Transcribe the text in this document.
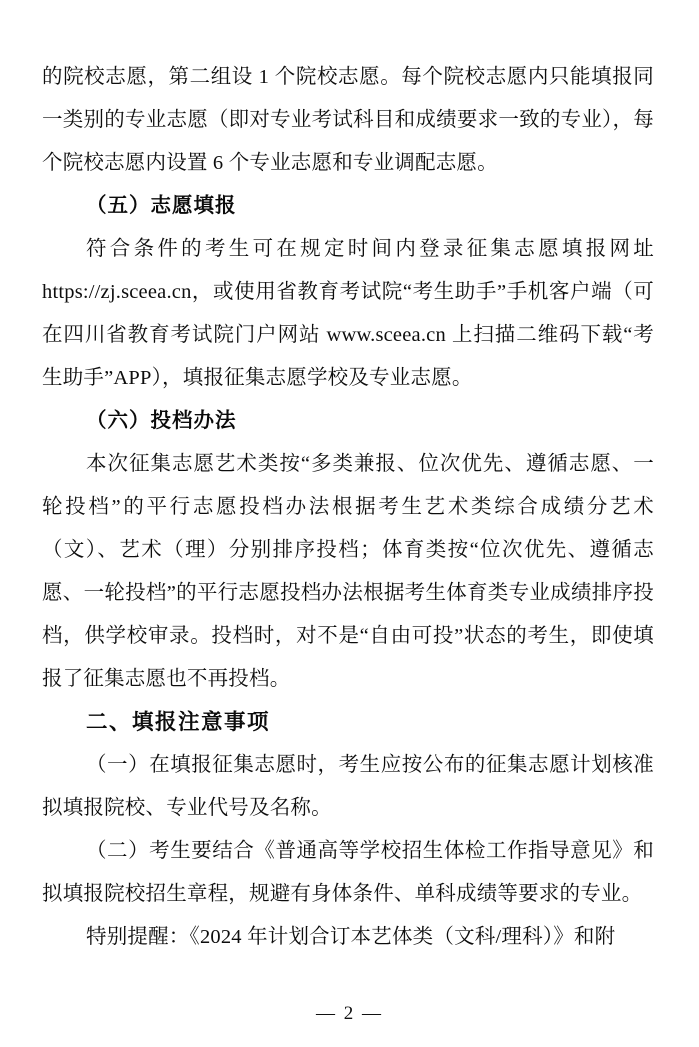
的院校志愿，第二组设 1 个院校志愿。每个院校志愿内只能填报同一类别的专业志愿（即对专业考试科目和成绩要求一致的专业），每个院校志愿内设置 6 个专业志愿和专业调配志愿。

（五）志愿填报

符合条件的考生可在规定时间内登录征集志愿填报网址 https://zj.sceea.cn，或使用省教育考试院“考生助手”手机客户端（可在四川省教育考试院门户网站 www.sceea.cn 上扫描二维码下载“考生助手”APP），填报征集志愿学校及专业志愿。

（六）投档办法

本次征集志愿艺术类按“多类兼报、位次优先、遵循志愿、一轮投档”的平行志愿投档办法根据考生艺术类综合成绩分艺术（文）、艺术（理）分别排序投档；体育类按“位次优先、遵循志愿、一轮投档”的平行志愿投档办法根据考生体育类专业成绩排序投档，供学校审录。投档时，对不是“自由可投”状态的考生，即使填报了征集志愿也不再投档。

二、填报注意事项

（一）在填报征集志愿时，考生应按公布的征集志愿计划核准拟填报院校、专业代号及名称。

（二）考生要结合《普通高等学校招生体检工作指导意见》和拟填报院校招生章程，规避有身体条件、单科成绩等要求的专业。

特别提醒：《2024 年计划合订本艺体类（文科/理科）》和附

— 2 —
